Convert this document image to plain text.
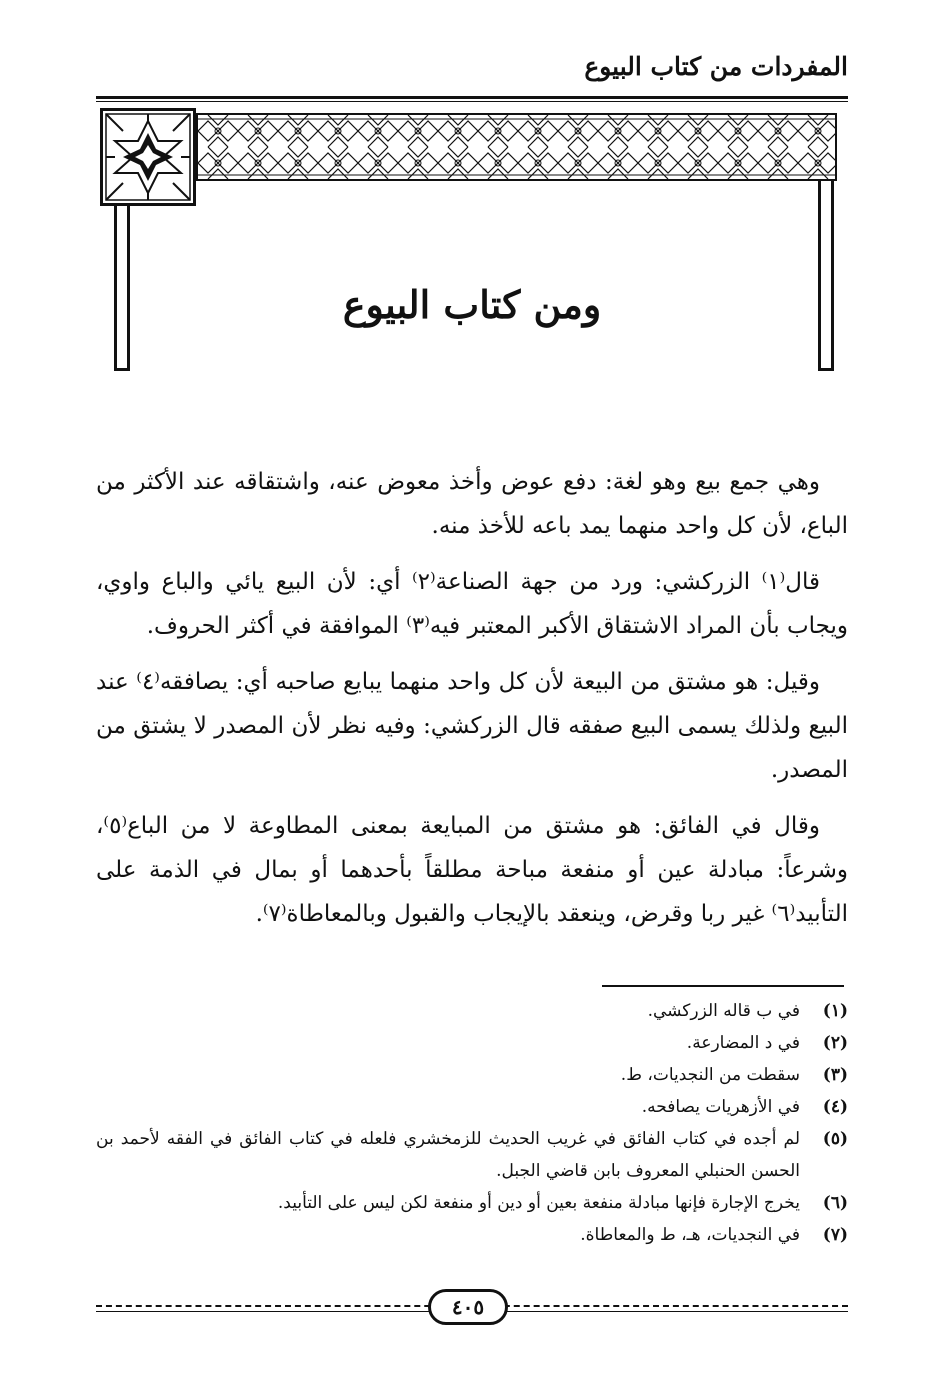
المفردات من كتاب البيوع
ومن كتاب البيوع

وهي جمع بيع وهو لغة: دفع عوض وأخذ معوض عنه، واشتقاقه عند الأكثر من الباع، لأن كل واحد منهما يمد باعه للأخذ منه.

قال⁽١⁾ الزركشي: ورد من جهة الصناعة⁽٢⁾ أي: لأن البيع يائي والباع واوي، ويجاب بأن المراد الاشتقاق الأكبر المعتبر فيه⁽٣⁾ الموافقة في أكثر الحروف.

وقيل: هو مشتق من البيعة لأن كل واحد منهما يبايع صاحبه أي: يصافقه⁽٤⁾ عند البيع ولذلك يسمى البيع صفقه قال الزركشي: وفيه نظر لأن المصدر لا يشتق من المصدر.

وقال في الفائق: هو مشتق من المبايعة بمعنى المطاوعة لا من الباع⁽٥⁾، وشرعاً: مبادلة عين أو منفعة مباحة مطلقاً بأحدهما أو بمال في الذمة على التأبيد⁽٦⁾ غير ربا وقرض، وينعقد بالإيجاب والقبول وبالمعاطاة⁽٧⁾.

(١)
في ب قاله الزركشي.
(٢)
في د المضارعة.
(٣)
سقطت من النجديات، ط.
(٤)
في الأزهريات يصافحه.
(٥)
لم أجده في كتاب الفائق في غريب الحديث للزمخشري فلعله في كتاب الفائق في الفقه لأحمد بن الحسن الحنبلي المعروف بابن قاضي الجبل.
(٦)
يخرج الإجارة فإنها مبادلة منفعة بعين أو دين أو منفعة لكن ليس على التأبيد.
(٧)
في النجديات، هـ، ط والمعاطاة.
٤٠٥
